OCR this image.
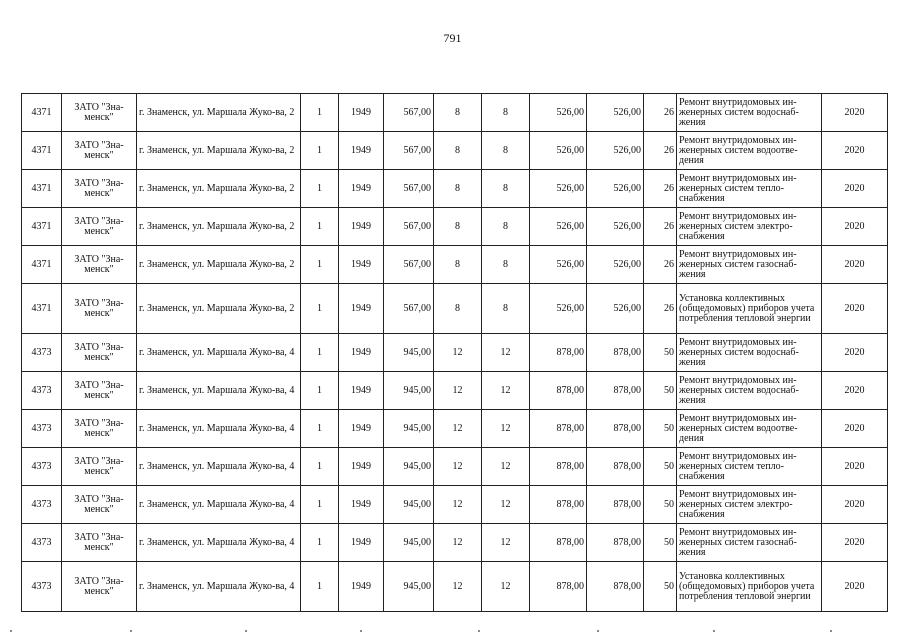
791
4371	ЗАТО "Зна-менск"	г. Знаменск, ул. Маршала Жуко-ва, 2	1	1949	567,00	8	8	526,00	526,00	26	Ремонт внутридомовых ин-женерных систем водоснаб-жения	2020
4371	ЗАТО "Зна-менск"	г. Знаменск, ул. Маршала Жуко-ва, 2	1	1949	567,00	8	8	526,00	526,00	26	Ремонт внутридомовых ин-женерных систем водоотве-дения	2020
4371	ЗАТО "Зна-менск"	г. Знаменск, ул. Маршала Жуко-ва, 2	1	1949	567,00	8	8	526,00	526,00	26	Ремонт внутридомовых ин-женерных систем тепло-снабжения	2020
4371	ЗАТО "Зна-менск"	г. Знаменск, ул. Маршала Жуко-ва, 2	1	1949	567,00	8	8	526,00	526,00	26	Ремонт внутридомовых ин-женерных систем электро-снабжения	2020
4371	ЗАТО "Зна-менск"	г. Знаменск, ул. Маршала Жуко-ва, 2	1	1949	567,00	8	8	526,00	526,00	26	Ремонт внутридомовых ин-женерных систем газоснаб-жения	2020
4371	ЗАТО "Зна-менск"	г. Знаменск, ул. Маршала Жуко-ва, 2	1	1949	567,00	8	8	526,00	526,00	26	Установка коллективных (общедомовых) приборов учета потребления тепловой энергии	2020
4373	ЗАТО "Зна-менск"	г. Знаменск, ул. Маршала Жуко-ва, 4	1	1949	945,00	12	12	878,00	878,00	50	Ремонт внутридомовых ин-женерных систем водоснаб-жения	2020
4373	ЗАТО "Зна-менск"	г. Знаменск, ул. Маршала Жуко-ва, 4	1	1949	945,00	12	12	878,00	878,00	50	Ремонт внутридомовых ин-женерных систем водоснаб-жения	2020
4373	ЗАТО "Зна-менск"	г. Знаменск, ул. Маршала Жуко-ва, 4	1	1949	945,00	12	12	878,00	878,00	50	Ремонт внутридомовых ин-женерных систем водоотве-дения	2020
4373	ЗАТО "Зна-менск"	г. Знаменск, ул. Маршала Жуко-ва, 4	1	1949	945,00	12	12	878,00	878,00	50	Ремонт внутридомовых ин-женерных систем тепло-снабжения	2020
4373	ЗАТО "Зна-менск"	г. Знаменск, ул. Маршала Жуко-ва, 4	1	1949	945,00	12	12	878,00	878,00	50	Ремонт внутридомовых ин-женерных систем электро-снабжения	2020
4373	ЗАТО "Зна-менск"	г. Знаменск, ул. Маршала Жуко-ва, 4	1	1949	945,00	12	12	878,00	878,00	50	Ремонт внутридомовых ин-женерных систем газоснаб-жения	2020
4373	ЗАТО "Зна-менск"	г. Знаменск, ул. Маршала Жуко-ва, 4	1	1949	945,00	12	12	878,00	878,00	50	Установка коллективных (общедомовых) приборов учета потребления тепловой энергии	2020
